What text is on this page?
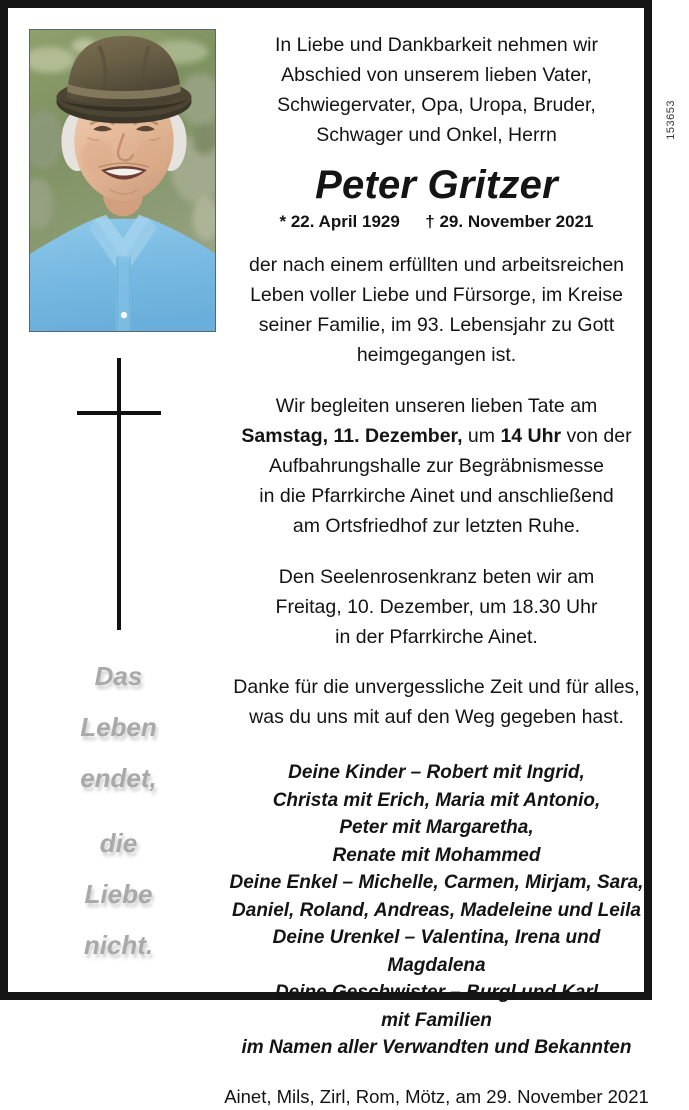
Das
Leben
endet,
die
Liebe
nicht.
In Liebe und Dankbarkeit nehmen wir
Abschied von unserem lieben Vater,
Schwiegervater, Opa, Uropa, Bruder,
Schwager und Onkel, Herrn
Peter Gritzer
* 22. April 1929 † 29. November 2021
der nach einem erfüllten und arbeitsreichen
Leben voller Liebe und Fürsorge, im Kreise
seiner Familie, im 93. Lebensjahr zu Gott
heimgegangen ist.
Wir begleiten unseren lieben Tate am
Samstag, 11. Dezember, um 14 Uhr von der
Aufbahrungshalle zur Begräbnismesse
in die Pfarrkirche Ainet und anschließend
am Ortsfriedhof zur letzten Ruhe.
Den Seelenrosenkranz beten wir am
Freitag, 10. Dezember, um 18.30 Uhr
in der Pfarrkirche Ainet.
Danke für die unvergessliche Zeit und für alles,
was du uns mit auf den Weg gegeben hast.
Deine Kinder – Robert mit Ingrid,
Christa mit Erich, Maria mit Antonio,
Peter mit Margaretha,
Renate mit Mohammed
Deine Enkel – Michelle, Carmen, Mirjam, Sara,
Daniel, Roland, Andreas, Madeleine und Leila
Deine Urenkel – Valentina, Irena und
Magdalena
Deine Geschwister – Burgl und Karl
mit Familien
im Namen aller Verwandten und Bekannten
Ainet, Mils, Zirl, Rom, Mötz, am 29. November 2021
153653
